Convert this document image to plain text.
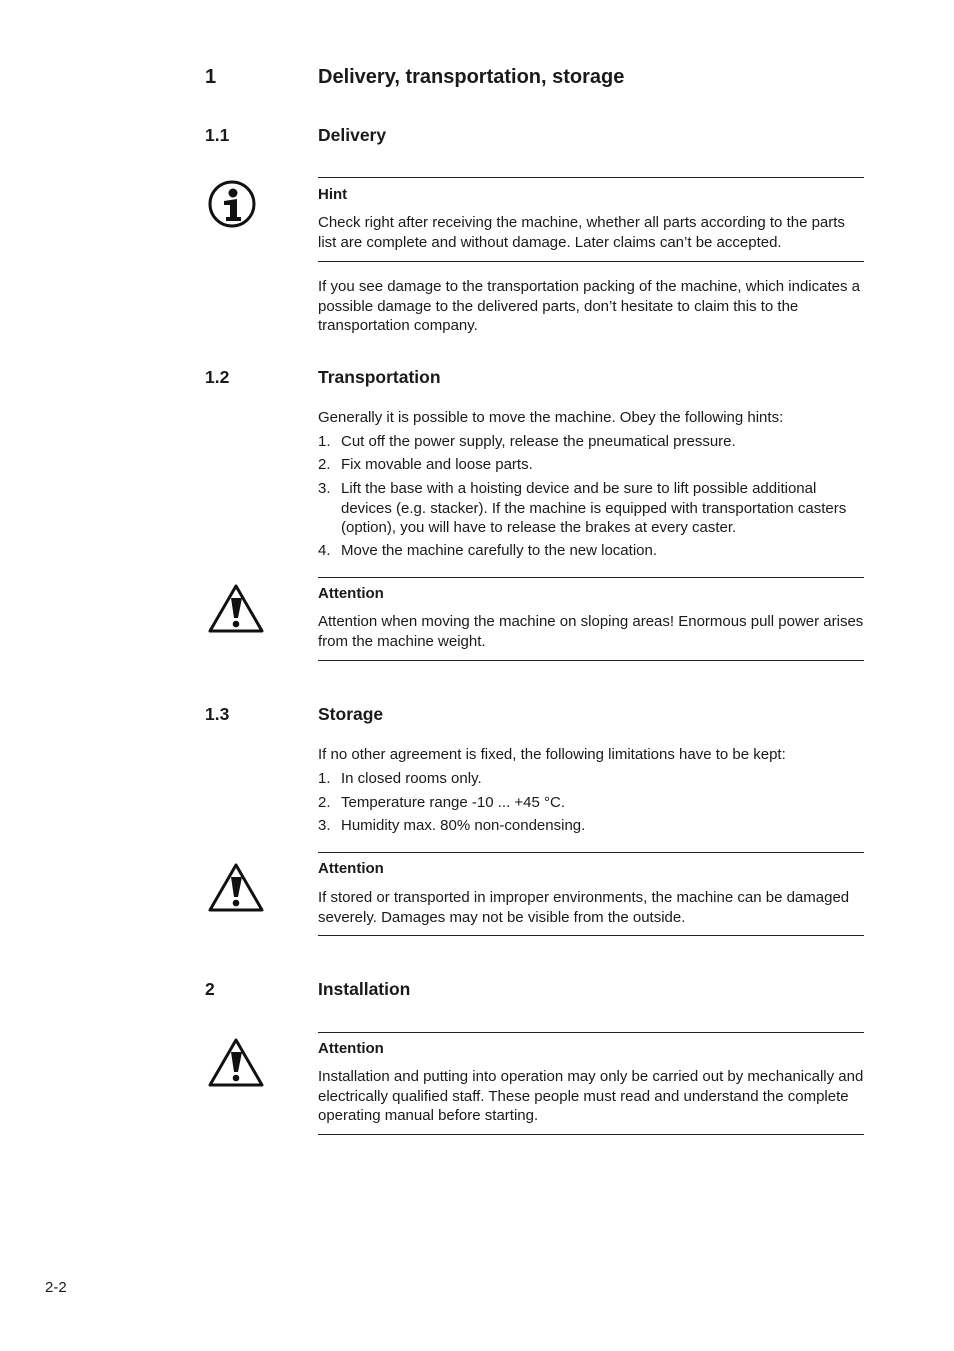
1	Delivery, transportation, storage
1.1	Delivery
Hint
Check right after receiving the machine, whether all parts according to the parts list are complete and without damage. Later claims can’t be accepted.
If you see damage to the transportation packing of the machine, which indicates a possible damage to the delivered parts, don’t hesitate to claim this to the transportation company.
1.2	Transportation
Generally it is possible to move the machine. Obey the following hints:
1. Cut off the power supply, release the pneumatical pressure.
2. Fix movable and loose parts.
3. Lift the base with a hoisting device and be sure to lift possible additional devices (e.g. stacker). If the machine is equipped with transportation casters (option), you will have to release the brakes at every caster.
4. Move the machine carefully to the new location.
Attention
Attention when moving the machine on sloping areas! Enormous pull power arises from the machine weight.
1.3	Storage
If no other agreement is fixed, the following limitations have to be kept:
1. In closed rooms only.
2. Temperature range -10 ... +45 °C.
3. Humidity max. 80% non-condensing.
Attention
If stored or transported in improper environments, the machine can be damaged severely. Damages may not be visible from the outside.
2	Installation
Attention
Installation and putting into operation may only be carried out by mechanically and electrically qualified staff. These people must read and understand the complete operating manual before starting.
2-2
